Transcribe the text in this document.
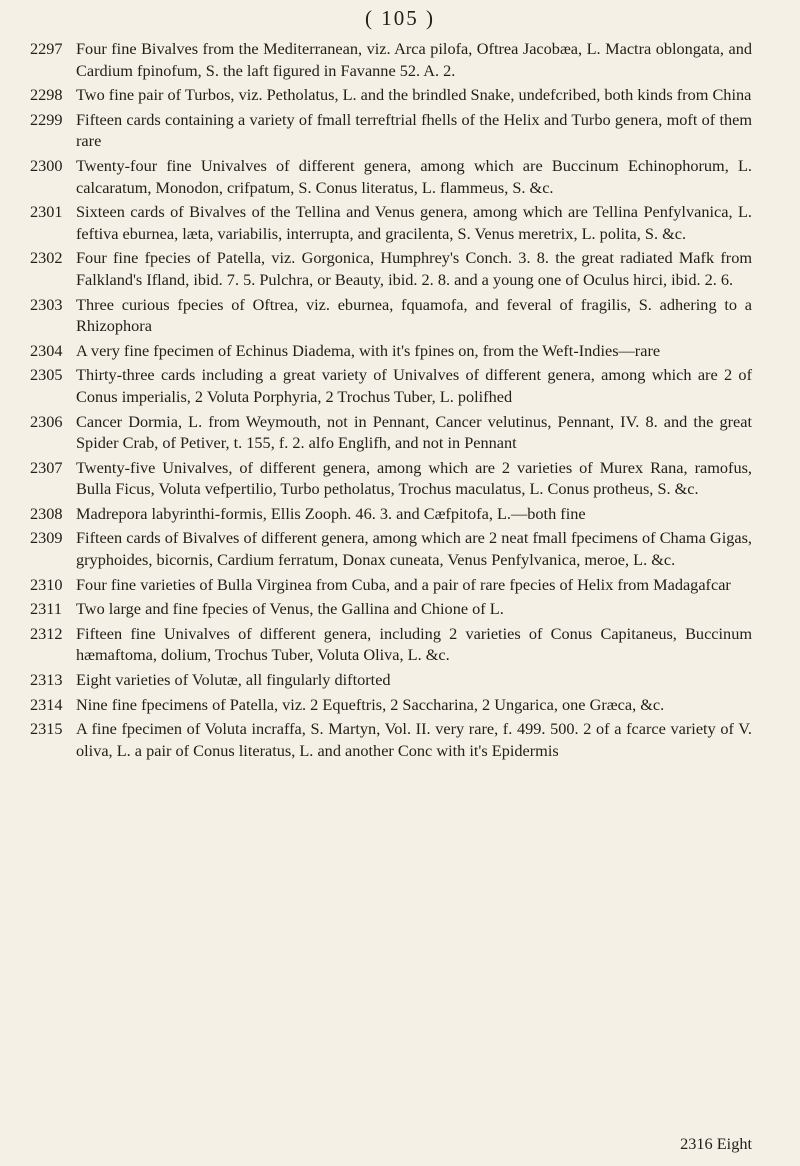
( 105 )
2297 Four fine Bivalves from the Mediterranean, viz. Arca pilofa, Oftrea Jacobæa, L. Mactra oblongata, and Cardium fpinofum, S. the laft figured in Favanne 52. A. 2.
2298 Two fine pair of Turbos, viz. Petholatus, L. and the brindled Snake, undefcribed, both kinds from China
2299 Fifteen cards containing a variety of fmall terreftrial fhells of the Helix and Turbo genera, moft of them rare
2300 Twenty-four fine Univalves of different genera, among which are Buccinum Echinophorum, L. calcaratum, Monodon, crifpatum, S. Conus literatus, L. flammeus, S. &c.
2301 Sixteen cards of Bivalves of the Tellina and Venus genera, among which are Tellina Penfylvanica, L. feftiva eburnea, læta, variabilis, interrupta, and gracilenta, S. Venus meretrix, L. polita, S. &c.
2302 Four fine fpecies of Patella, viz. Gorgonica, Humphrey's Conch. 3. 8. the great radiated Mafk from Falkland's Ifland, ibid. 7. 5. Pulchra, or Beauty, ibid. 2. 8. and a young one of Oculus hirci, ibid. 2. 6.
2303 Three curious fpecies of Oftrea, viz. eburnea, fquamofa, and feveral of fragilis, S. adhering to a Rhizophora
2304 A very fine fpecimen of Echinus Diadema, with it's fpines on, from the Weft-Indies—rare
2305 Thirty-three cards including a great variety of Univalves of different genera, among which are 2 of Conus imperialis, 2 Voluta Porphyria, 2 Trochus Tuber, L. polifhed
2306 Cancer Dormia, L. from Weymouth, not in Pennant, Cancer velutinus, Pennant, IV. 8. and the great Spider Crab, of Petiver, t. 155, f. 2. alfo Englifh, and not in Pennant
2307 Twenty-five Univalves, of different genera, among which are 2 varieties of Murex Rana, ramofus, Bulla Ficus, Voluta vefpertilio, Turbo petholatus, Trochus maculatus, L. Conus protheus, S. &c.
2308 Madrepora labyrinthi-formis, Ellis Zooph. 46. 3. and Cæfpitofa, L.—both fine
2309 Fifteen cards of Bivalves of different genera, among which are 2 neat fmall fpecimens of Chama Gigas, gryphoides, bicornis, Cardium ferratum, Donax cuneata, Venus Penfylvanica, meroe, L. &c.
2310 Four fine varieties of Bulla Virginea from Cuba, and a pair of rare fpecies of Helix from Madagafcar
2311 Two large and fine fpecies of Venus, the Gallina and Chione of L.
2312 Fifteen fine Univalves of different genera, including 2 varieties of Conus Capitaneus, Buccinum hæmaftoma, dolium, Trochus Tuber, Voluta Oliva, L. &c.
2313 Eight varieties of Volutæ, all fingularly diftorted
2314 Nine fine fpecimens of Patella, viz. 2 Equeftris, 2 Saccharina, 2 Ungarica, one Græca, &c.
2315 A fine fpecimen of Voluta incraffa, S. Martyn, Vol. II. very rare, f. 499. 500. 2 of a fcarce variety of V. oliva, L. a pair of Conus literatus, L. and another Conc with it's Epidermis
2316 Eight
